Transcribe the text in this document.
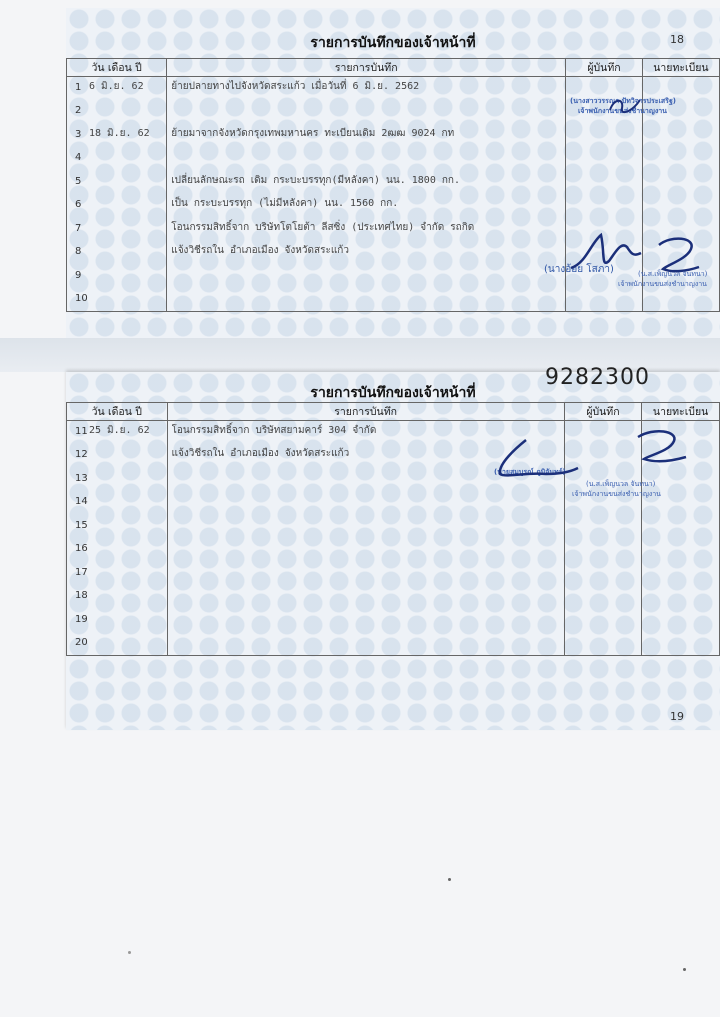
รายการบันทึกของเจ้าหน้าที่	18
วัน เดือน ปี	รายการบันทึก	ผู้บันทึก	นายทะเบียน

1 6 มิ.ย. 62	ย้ายปลายทางไปจังหวัดสระแก้ว เมื่อวันที่ 6 มิ.ย. 2562		

2			

3 18 มิ.ย. 62	ย้ายมาจากจังหวัดกรุงเทพมหานคร ทะเบียนเดิม 2ฒฒ 9024 กท		

4			

5	เปลี่ยนลักษณะรถ เดิม กระบะบรรทุก(มีหลังคา) นน. 1800 กก.		

6	เป็น กระบะบรรทุก (ไม่มีหลังคา) นน. 1560 กก.		

7	โอนกรรมสิทธิ์จาก บริษัทโตโยต้า ลีสซิ่ง (ประเทศไทย) จำกัด รถกิด		

8	แจ้งวิชีรถใน อำเภอเมือง จังหวัดสระแก้ว		

9			

10			

(นางสาววรรณา ปัทวิจารประเสริฐ)
เจ้าพนักงานขนส่งชำนาญงาน
(นางอ้อย โสภา)	(น.ส.เพ็ญนวล จันทนา)
เจ้าพนักงานขนส่งชำนาญงาน
รายการบันทึกของเจ้าหน้าที่
19
วัน เดือน ปี	รายการบันทึก	ผู้บันทึก	นายทะเบียน

11 25 มิ.ย. 62	โอนกรรมสิทธิ์จาก บริษัทสยามคาร์ 304 จำกัด		

12	แจ้งวิชีรถใน อำเภอเมือง จังหวัดสระแก้ว		

13			

14			

15			

16			

17			

18			

19			

20			

(นายสมบูรณ์ ภูมิจันทร์)
(น.ส.เพ็ญนวล จันทนา)
เจ้าพนักงานขนส่งชำนาญงาน
9282300
